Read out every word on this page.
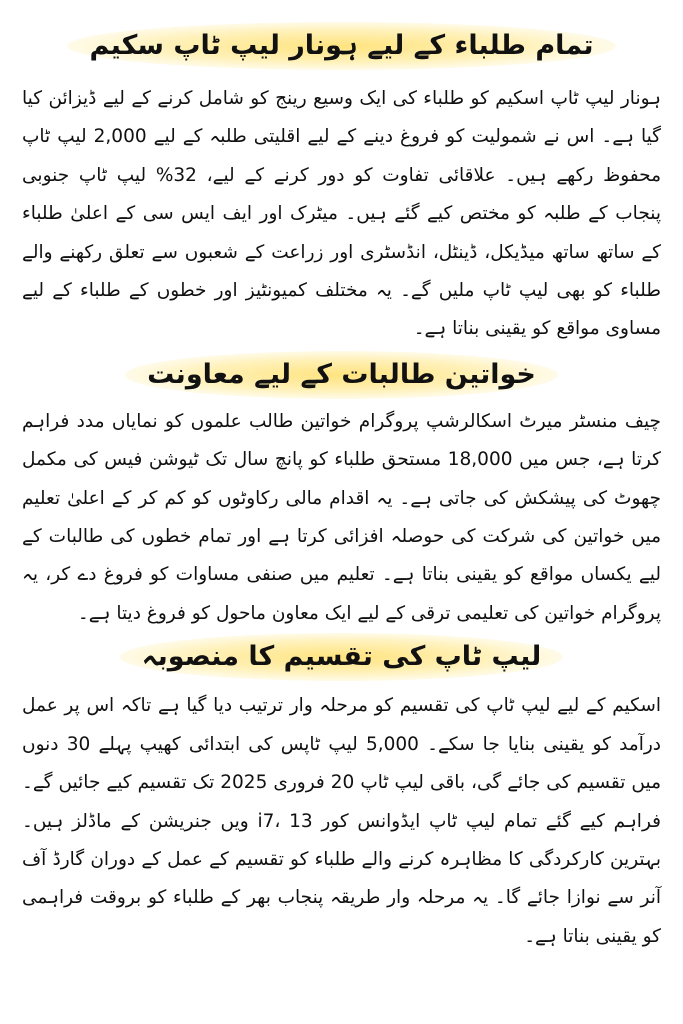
تمام طلباء کے لیے ہونار لیپ ٹاپ سکیم

ہونار لیپ ٹاپ اسکیم کو طلباء کی ایک وسیع رینج کو شامل کرنے کے لیے ڈیزائن کیا گیا ہے۔ اس نے شمولیت کو فروغ دینے کے لیے اقلیتی طلبہ کے لیے 2,000 لیپ ٹاپ محفوظ رکھے ہیں۔ علاقائی تفاوت کو دور کرنے کے لیے، 32% لیپ ٹاپ جنوبی پنجاب کے طلبہ کو مختص کیے گئے ہیں۔ میٹرک اور ایف ایس سی کے اعلیٰ طلباء کے ساتھ ساتھ میڈیکل، ڈینٹل، انڈسٹری اور زراعت کے شعبوں سے تعلق رکھنے والے طلباء کو بھی لیپ ٹاپ ملیں گے۔ یہ مختلف کمیونٹیز اور خطوں کے طلباء کے لیے مساوی مواقع کو یقینی بناتا ہے۔

خواتین طالبات کے لیے معاونت

چیف منسٹر میرٹ اسکالرشپ پروگرام خواتین طالب علموں کو نمایاں مدد فراہم کرتا ہے، جس میں 18,000 مستحق طلباء کو پانچ سال تک ٹیوشن فیس کی مکمل چھوٹ کی پیشکش کی جاتی ہے۔ یہ اقدام مالی رکاوٹوں کو کم کر کے اعلیٰ تعلیم میں خواتین کی شرکت کی حوصلہ افزائی کرتا ہے اور تمام خطوں کی طالبات کے لیے یکساں مواقع کو یقینی بناتا ہے۔ تعلیم میں صنفی مساوات کو فروغ دے کر، یہ پروگرام خواتین کی تعلیمی ترقی کے لیے ایک معاون ماحول کو فروغ دیتا ہے۔

لیپ ٹاپ کی تقسیم کا منصوبہ

اسکیم کے لیے لیپ ٹاپ کی تقسیم کو مرحلہ وار ترتیب دیا گیا ہے تاکہ اس پر عمل درآمد کو یقینی بنایا جا سکے۔ 5,000 لیپ ٹاپس کی ابتدائی کھیپ پہلے 30 دنوں میں تقسیم کی جائے گی، باقی لیپ ٹاپ 20 فروری 2025 تک تقسیم کیے جائیں گے۔ فراہم کیے گئے تمام لیپ ٹاپ ایڈوانس کور i7، 13 ویں جنریشن کے ماڈلز ہیں۔ بہترین کارکردگی کا مظاہرہ کرنے والے طلباء کو تقسیم کے عمل کے دوران گارڈ آف آنر سے نوازا جائے گا۔ یہ مرحلہ وار طریقہ پنجاب بھر کے طلباء کو بروقت فراہمی کو یقینی بناتا ہے۔
